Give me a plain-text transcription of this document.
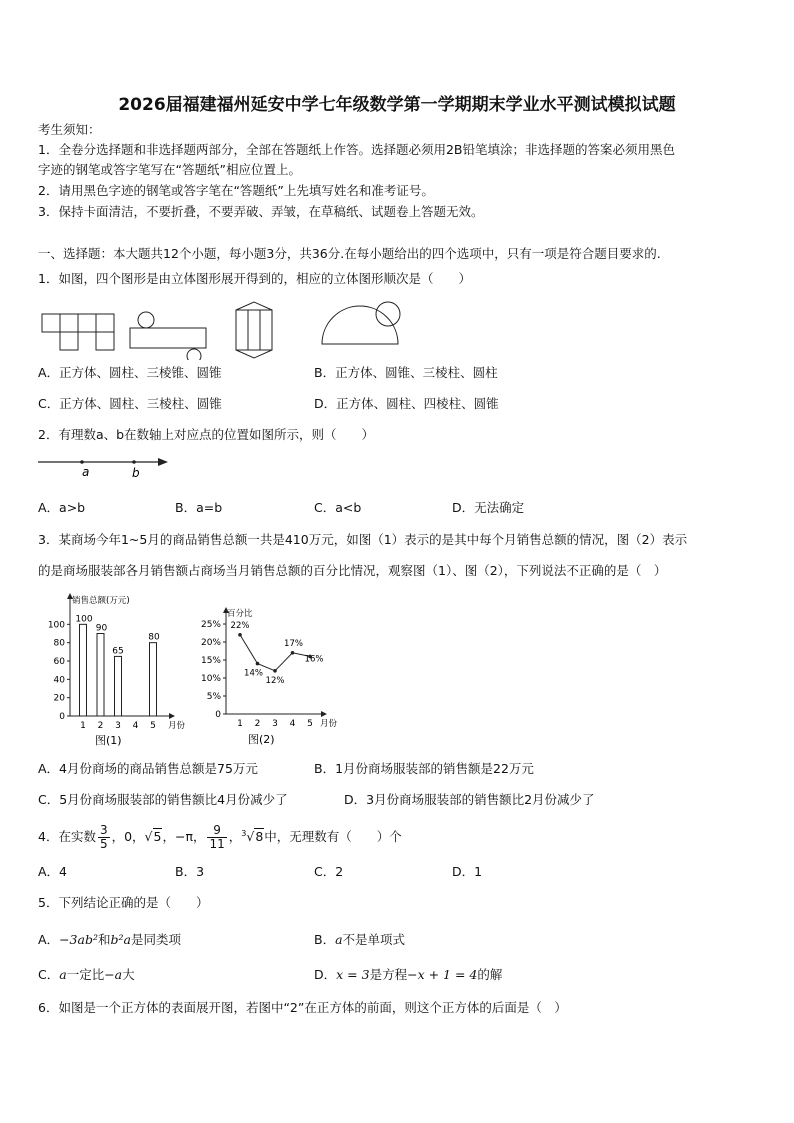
2026届福建福州延安中学七年级数学第一学期期末学业水平测试模拟试题
考生须知：
1．全卷分选择题和非选择题两部分，全部在答题纸上作答。选择题必须用2B铅笔填涂；非选择题的答案必须用黑色
字迹的钢笔或答字笔写在“答题纸”相应位置上。
2．请用黑色字迹的钢笔或答字笔在“答题纸”上先填写姓名和准考证号。
3．保持卡面清洁，不要折叠，不要弄破、弄皱，在草稿纸、试题卷上答题无效。
一、选择题：本大题共12个小题，每小题3分，共36分.在每小题给出的四个选项中，只有一项是符合题目要求的.
1．如图，四个图形是由立体图形展开得到的，相应的立体图形顺次是（　　）
A．正方体、圆柱、三棱锥、圆锥	B．正方体、圆锥、三棱柱、圆柱
C．正方体、圆柱、三棱柱、圆锥	D．正方体、圆柱、四棱柱、圆锥
2．有理数a、b在数轴上对应点的位置如图所示，则（　　）
a	b
A．a>b	B．a=b	C．a<b	D．无法确定
3．某商场今年1~5月的商品销售总额一共是410万元，如图（1）表示的是其中每个月销售总额的情况，图（2）表示
的是商场服装部各月销售额占商场当月销售总额的百分比情况，观察图（1）、图（2），下列说法不正确的是（　）
销售总额(万元)
0
20
40
60
80
100
1
100
2
90
3
65
4 5
80
月份
图(1)
百分比
0
5%
10%
15%
20%
25%
1
22%
2
14%
3
12%
4
17%
5
16%
月份
图(2)
A．4月份商场的商品销售总额是75万元	B．1月份商场服装部的销售额是22万元
C．5月份商场服装部的销售额比4月份减少了	D．3月份商场服装部的销售额比2月份减少了
4．在实数 $\frac{3}{5}$ ，0，√5，−π， $\frac{9}{11}$ ，$^3$√8中，无理数有（　　）个
A．4	B．3	C．2	D．1
5．下列结论正确的是（　　）
A．−3ab²和b²a是同类项	B．a不是单项式
C．a一定比−a大	D．x = 3是方程−x + 1 = 4的解
6．如图是一个正方体的表面展开图，若图中“2”在正方体的前面，则这个正方体的后面是（　）
